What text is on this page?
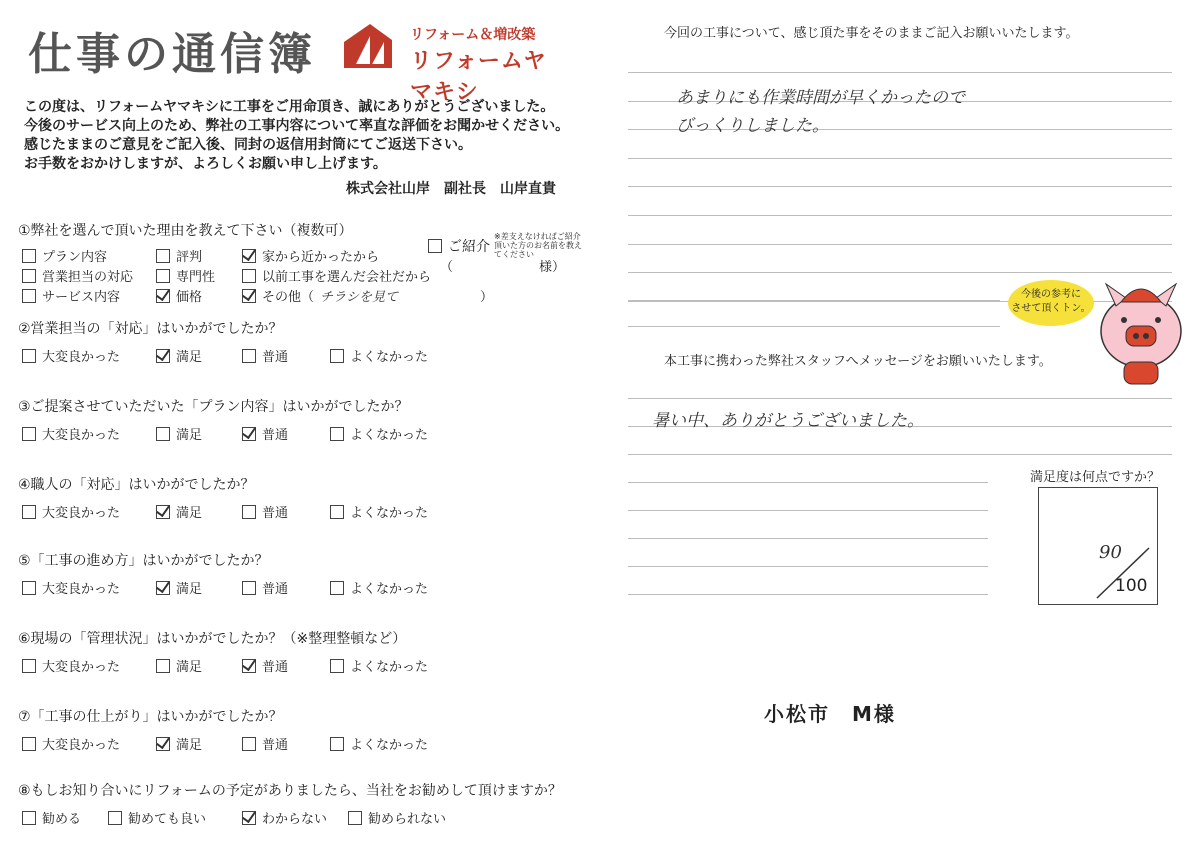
仕事の通信簿	リフォーム＆増改築
リフォームヤマキシ
この度は、リフォームヤマキシに工事をご用命頂き、誠にありがとうございました。
今後のサービス向上のため、弊社の工事内容について率直な評価をお聞かせください。
感じたままのご意見をご記入後、同封の返信用封筒にてご返送下さい。
お手数をおかけしますが、よろしくお願い申し上げます。
株式会社山岸　副社長　山岸直貴
①弊社を選んで頂いた理由を教えて下さい（複数可）
プラン内容	評判	家から近かったから
営業担当の対応	専門性	以前工事を選んだ会社だから
サービス内容	価格	その他（ チラシを見て	）
ご紹介
※差支えなければご紹介頂いた方のお名前を教えてください
（	様）
②営業担当の「対応」はいかがでしたか？
大変良かった	満足	普通	よくなかった
③ご提案させていただいた「プラン内容」はいかがでしたか？
大変良かった	満足	普通	よくなかった
④職人の「対応」はいかがでしたか？
大変良かった	満足	普通	よくなかった
⑤「工事の進め方」はいかがでしたか？
大変良かった	満足	普通	よくなかった
⑥現場の「管理状況」はいかがでしたか？（※整理整頓など）
大変良かった	満足	普通	よくなかった
⑦「工事の仕上がり」はいかがでしたか？
大変良かった	満足	普通	よくなかった
⑧もしお知り合いにリフォームの予定がありましたら、当社をお勧めして頂けますか？
勧める	勧めても良い	わからない	勧められない
今回の工事について、感じ頂た事をそのままご記入お願いいたします。
あまりにも作業時間が早くかったので
びっくりしました。
今後の参考に
させて頂くトン。
本工事に携わった弊社スタッフへメッセージをお願いいたします。
暑い中、ありがとうございました。
満足度は何点ですか？
90
100
小松市　M様
